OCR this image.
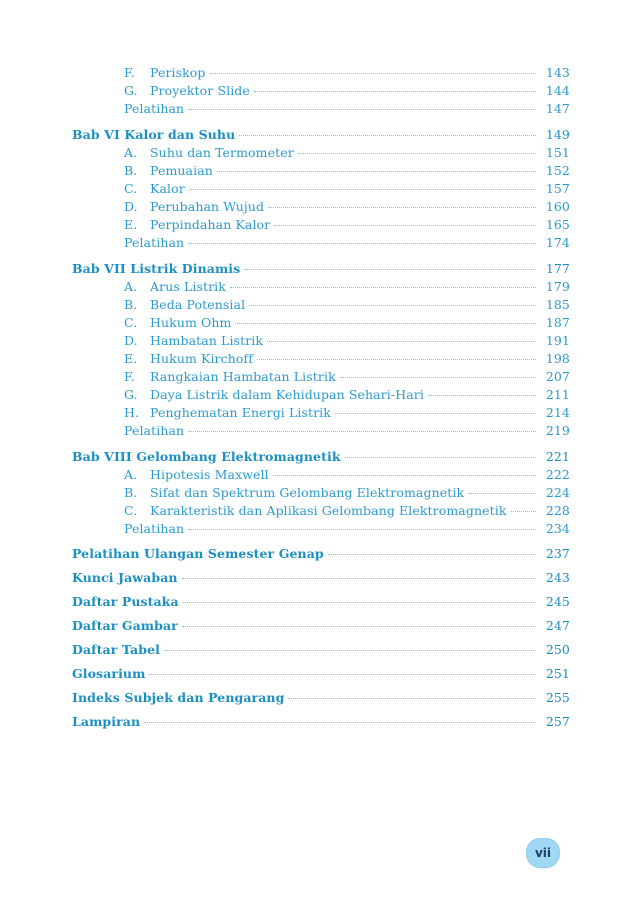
F.	Periskop	143
G. Proyektor Slide	144
Pelatihan	147
Bab VI Kalor dan Suhu	149
A.	Suhu dan Termometer	151
B.	Pemuaian	152
C.	Kalor	157
D. Perubahan Wujud	160
E.	Perpindahan Kalor	165
Pelatihan	174
Bab VII Listrik Dinamis	177
A.	Arus Listrik	179
B.	Beda Potensial	185
C.	Hukum Ohm	187
D. Hambatan Listrik	191
E.	Hukum Kirchoff	198
F.	Rangkaian Hambatan Listrik	207
G. Daya Listrik dalam Kehidupan Sehari-Hari	211
H. Penghematan Energi Listrik	214
Pelatihan	219
Bab VIII Gelombang Elektromagnetik	221
A.	Hipotesis Maxwell	222
B.	Sifat dan Spektrum Gelombang Elektromagnetik	224
C.	Karakteristik dan Aplikasi Gelombang Elektromagnetik	228
Pelatihan	234
Pelatihan Ulangan Semester Genap	237
Kunci Jawaban	243
Daftar Pustaka	245
Daftar Gambar	247
Daftar Tabel	250
Glosarium	251
Indeks Subjek dan Pengarang	255
Lampiran	257
vii
